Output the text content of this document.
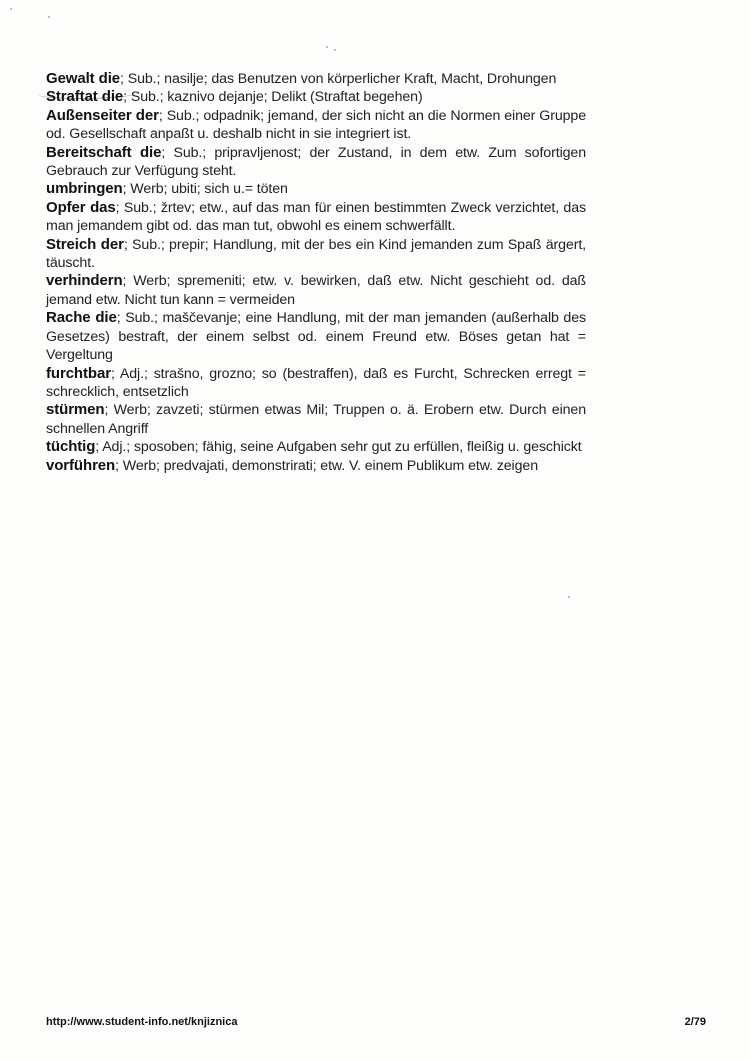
Gewalt die; Sub.; nasilje; das Benutzen von körperlicher Kraft, Macht, Drohungen
Straftat die; Sub.; kaznivo dejanje; Delikt (Straftat begehen)
Außenseiter der; Sub.; odpadnik; jemand, der sich nicht an die Normen einer Gruppe od. Gesellschaft anpaßt u. deshalb nicht in sie integriert ist.
Bereitschaft die; Sub.; pripravljenost; der Zustand, in dem etw. Zum sofortigen Gebrauch zur Verfügung steht.
umbringen; Werb; ubiti; sich u.= töten
Opfer das; Sub.; žrtev; etw., auf das man für einen bestimmten Zweck verzichtet, das man jemandem gibt od. das man tut, obwohl es einem schwerfällt.
Streich der; Sub.; prepir; Handlung, mit der bes ein Kind jemanden zum Spaß ärgert, täuscht.
verhindern; Werb; spremeniti; etw. v. bewirken, daß etw. Nicht geschieht od. daß jemand etw. Nicht tun kann = vermeiden
Rache die; Sub.; maščevanje; eine Handlung, mit der man jemanden (außerhalb des Gesetzes) bestraft, der einem selbst od. einem Freund etw. Böses getan hat = Vergeltung
furchtbar; Adj.; strašno, grozno; so (bestraffen), daß es Furcht, Schrecken erregt = schrecklich, entsetzlich
stürmen; Werb; zavzeti; stürmen etwas Mil; Truppen o. ä. Erobern etw. Durch einen schnellen Angriff
tüchtig; Adj.; sposoben; fähig, seine Aufgaben sehr gut zu erfüllen, fleißig u. geschickt
vorführen; Werb; predvajati, demonstrirati; etw. V. einem Publikum etw. zeigen
http://www.student-info.net/knjiznica	2/79
